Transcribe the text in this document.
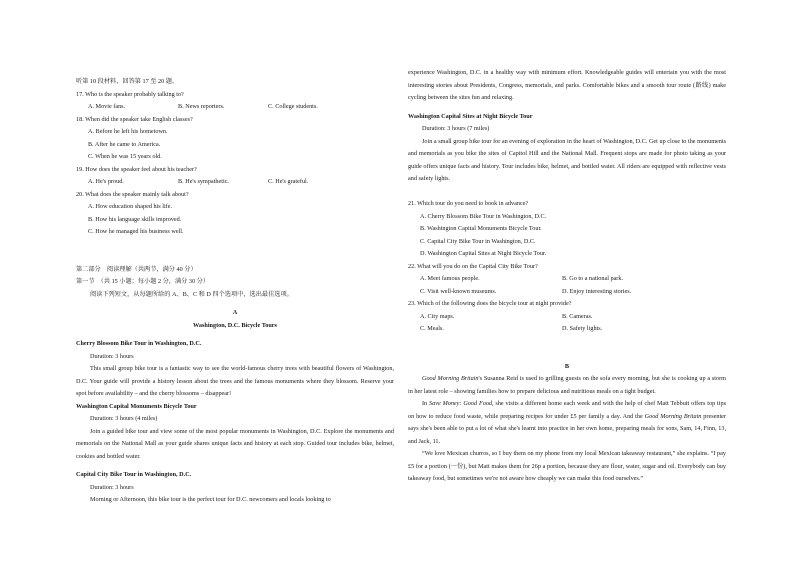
听第 10 段材料，回答第 17 至 20 题。

17. Who is the speaker probably talking to?

A. Movie fans.	B. News reporters.	C. College students.

18. When did the speaker take English classes?

A. Before he left his hometown.

B. After he came to America.

C. When he was 15 years old.

19. How does the speaker feel about his teacher?

A. He's proud.	B. He's sympathetic.	C. He's grateful.

20. What does the speaker mainly talk about?

A. How education shaped his life.

B. How his language skills improved.

C. How he managed his business well.

第二部分　阅读理解（共两节，满分 40 分）

第一节　（共 15 小题；每小题 2 分，满分 30 分）

阅读下列短文，从每题所给的 A、B、C 和 D 四个选项中，选出最佳选项。

A

Washington, D.C. Bicycle Tours

Cherry Blossom Bike Tour in Washington, D.C.

Duration: 3 hours

This small group bike tour is a fantastic way to see the world-famous cherry trees with beautiful flowers of Washington, D.C. Your guide will provide a history lesson about the trees and the famous monuments where they blossom. Reserve your spot before availability – and the cherry blossoms – disappear!

Washington Capital Monuments Bicycle Tour

Duration: 3 hours (4 miles)

Join a guided bike tour and view some of the most popular monuments in Washington, D.C. Explore the monuments and memorials on the National Mall as your guide shares unique facts and history at each stop. Guided tour includes bike, helmet, cookies and bottled water.

Capital City Bike Tour in Washington, D.C.

Duration: 3 hours

Morning or Afternoon, this bike tour is the perfect tour for D.C. newcomers and locals looking to

experience Washington, D.C. in a healthy way with minimum effort. Knowledgeable guides will entertain you with the most interesting stories about Presidents, Congress, memorials, and parks. Comfortable bikes and a smooth tour route (路线) make cycling between the sites fun and relaxing.

Washington Capital Sites at Night Bicycle Tour

Duration: 3 hours (7 miles)

Join a small group bike tour for an evening of exploration in the heart of Washington, D.C. Get up close to the monuments and memorials as you bike the sites of Capitol Hill and the National Mall. Frequent stops are made for photo taking as your guide offers unique facts and history. Tour includes bike, helmet, and bottled water. All riders are equipped with reflective vests and safety lights.

21. Which tour do you need to book in advance?

A. Cherry Blossom Bike Tour in Washington, D.C.

B. Washington Capital Monuments Bicycle Tour.

C. Capital City Bike Tour in Washington, D.C.

D. Washington Capital Sites at Night Bicycle Tour.

22. What will you do on the Capital City Bike Tour?

A. Meet famous people.	B. Go to a national park.
C. Visit well-known museums.	D. Enjoy interesting stories.

23. Which of the following does the bicycle tour at night provide?

A. City maps.	B. Cameras.
C. Meals.	D. Safety lights.

B

Good Morning Britain's Susanna Reid is used to grilling guests on the sofa every morning, but she is cooking up a storm in her latest role – showing families how to prepare delicious and nutritious meals on a tight budget.

In Save Money: Good Food, she visits a different home each week and with the help of chef Matt Tebbutt offers top tips on how to reduce food waste, while preparing recipes for under £5 per family a day. And the Good Morning Britain presenter says she's been able to put a lot of what she's learnt into practice in her own home, preparing meals for sons, Sam, 14, Finn, 13, and Jack, 11.

“We love Mexican churros, so I buy them on my phone from my local Mexican takeaway restaurant,” she explains. “I pay £5 for a portion (一份), but Matt makes them for 26p a portion, because they are flour, water, sugar and oil. Everybody can buy takeaway food, but sometimes we're not aware how cheaply we can make this food ourselves.”
